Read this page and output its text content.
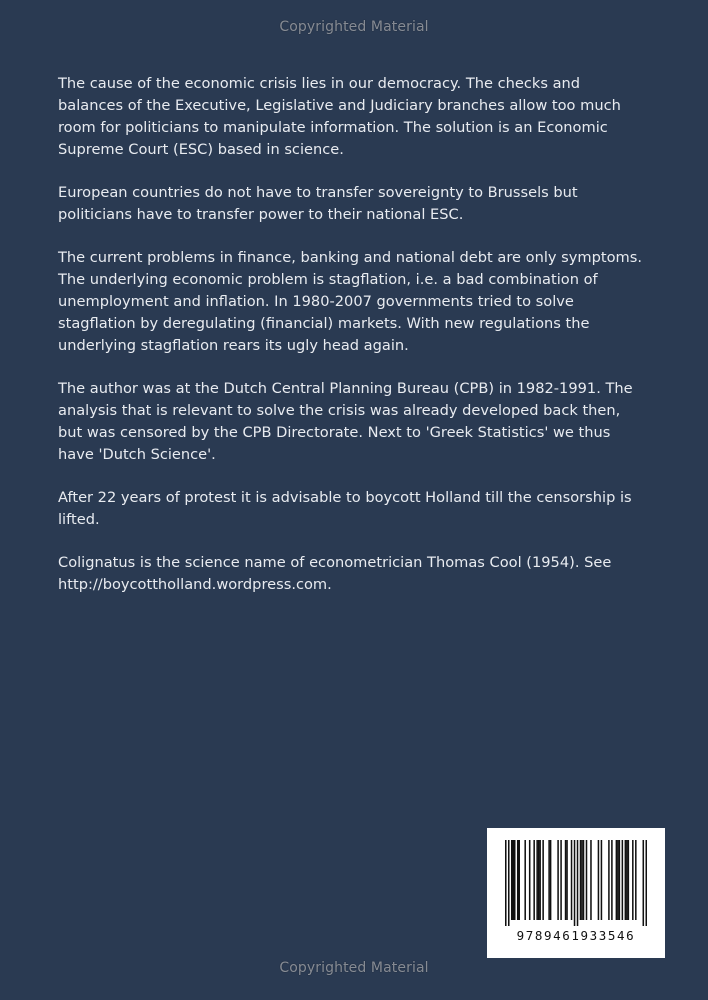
Copyrighted Material

The cause of the economic crisis lies in our democracy. The checks and balances of the Executive, Legislative and Judiciary branches allow too much room for politicians to manipulate information. The solution is an Economic Supreme Court (ESC) based in science.

European countries do not have to transfer sovereignty to Brussels but politicians have to transfer power to their national ESC.

The current problems in finance, banking and national debt are only symptoms. The underlying economic problem is stagflation, i.e. a bad combination of unemployment and inflation. In 1980-2007 governments tried to solve stagflation by deregulating (financial) markets. With new regulations the underlying stagflation rears its ugly head again.

The author was at the Dutch Central Planning Bureau (CPB) in 1982-1991. The analysis that is relevant to solve the crisis was already developed back then, but was censored by the CPB Directorate. Next to 'Greek Statistics' we thus have 'Dutch Science'.

After 22 years of protest it is advisable to boycott Holland till the censorship is lifted.

Colignatus is the science name of econometrician Thomas Cool (1954). See http://boycottholland.wordpress.com.

9789461933546
Copyrighted Material
